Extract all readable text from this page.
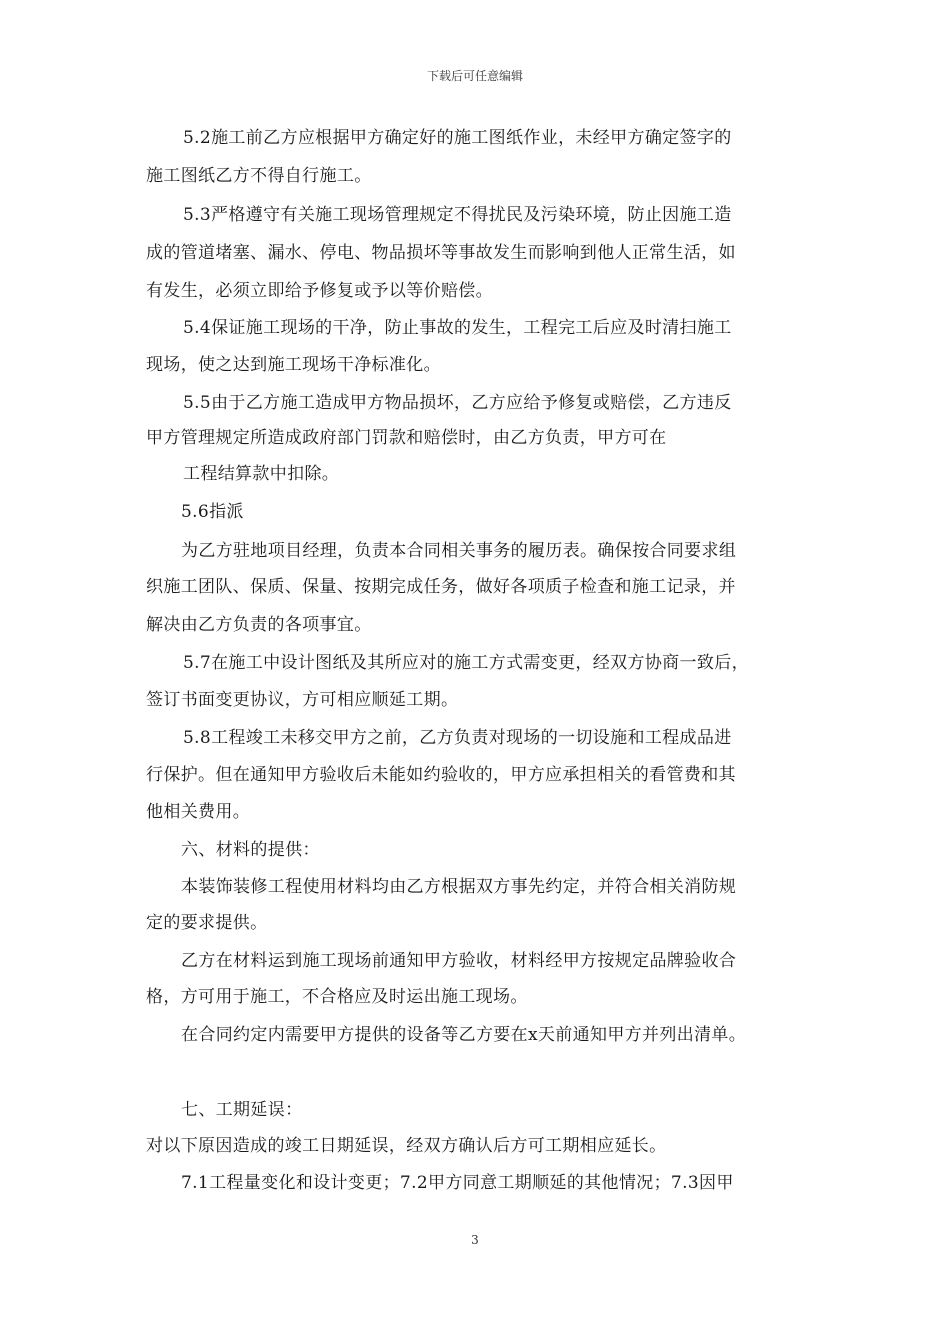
下载后可任意编辑
5.2施工前乙方应根据甲方确定好的施工图纸作业，未经甲方确定签字的
施工图纸乙方不得自行施工。
5.3严格遵守有关施工现场管理规定不得扰民及污染环境，防止因施工造
成的管道堵塞、漏水、停电、物品损坏等事故发生而影响到他人正常生活，如
有发生，必须立即给予修复或予以等价赔偿。
5.4保证施工现场的干净，防止事故的发生，工程完工后应及时清扫施工
现场，使之达到施工现场干净标准化。
5.5由于乙方施工造成甲方物品损坏，乙方应给予修复或赔偿，乙方违反
甲方管理规定所造成政府部门罚款和赔偿时，由乙方负责，甲方可在
工程结算款中扣除。
5.6指派
为乙方驻地项目经理，负责本合同相关事务的履历表。确保按合同要求组
织施工团队、保质、保量、按期完成任务，做好各项质子检查和施工记录，并
解决由乙方负责的各项事宜。
5.7在施工中设计图纸及其所应对的施工方式需变更，经双方协商一致后，
签订书面变更协议，方可相应顺延工期。
5.8工程竣工未移交甲方之前，乙方负责对现场的一切设施和工程成品进
行保护。但在通知甲方验收后未能如约验收的，甲方应承担相关的看管费和其
他相关费用。
六、材料的提供：
本装饰装修工程使用材料均由乙方根据双方事先约定，并符合相关消防规
定的要求提供。
乙方在材料运到施工现场前通知甲方验收，材料经甲方按规定品牌验收合
格，方可用于施工，不合格应及时运出施工现场。
在合同约定内需要甲方提供的设备等乙方要在x天前通知甲方并列出清单。
七、工期延误：
对以下原因造成的竣工日期延误，经双方确认后方可工期相应延长。
7.1工程量变化和设计变更；7.2甲方同意工期顺延的其他情况；7.3因甲
3
